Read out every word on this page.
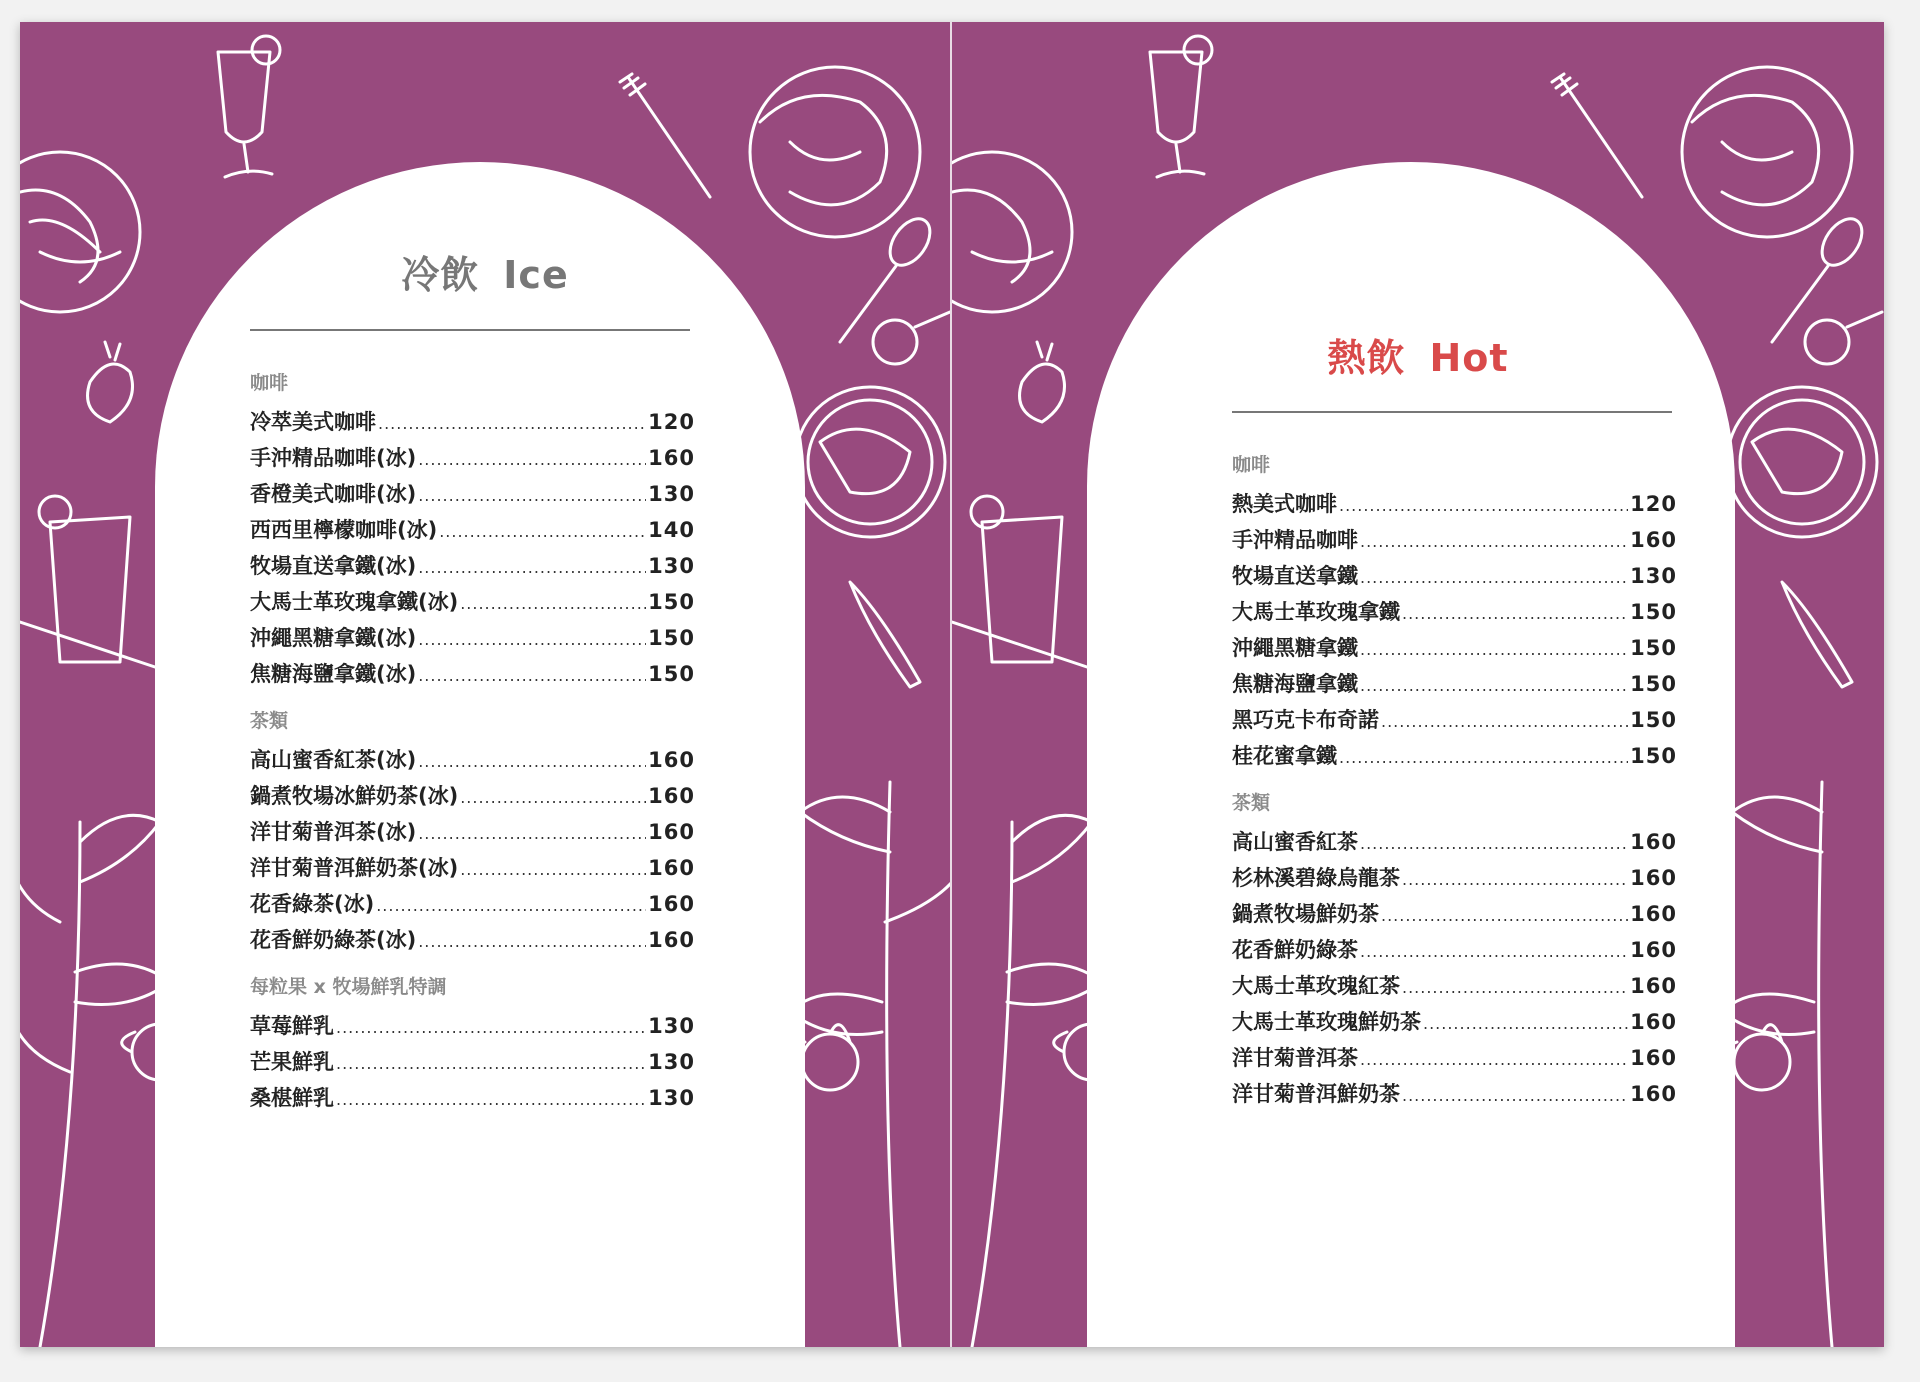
冷飲 Ice
咖啡
冷萃美式咖啡 .....	120
手沖精品咖啡(冰) .....	160
香橙美式咖啡(冰) .....	130
西西里檸檬咖啡(冰) .....	140
牧場直送拿鐵(冰) .....	130
大馬士革玫瑰拿鐵(冰) .....	150
沖繩黑糖拿鐵(冰) .....	150
焦糖海鹽拿鐵(冰) .....	150
茶類
高山蜜香紅茶(冰) .....	160
鍋煮牧場冰鮮奶茶(冰) .....	160
洋甘菊普洱茶(冰) .....	160
洋甘菊普洱鮮奶茶(冰) .....	160
花香綠茶(冰) .....	160
花香鮮奶綠茶(冰) .....	160
每粒果 x 牧場鮮乳特調
草莓鮮乳 .....	130
芒果鮮乳 .....	130
桑椹鮮乳 .....	130
熱飲 Hot
咖啡
熱美式咖啡 .....	120
手沖精品咖啡 .....	160
牧場直送拿鐵 .....	130
大馬士革玫瑰拿鐵 .....	150
沖繩黑糖拿鐵 .....	150
焦糖海鹽拿鐵 .....	150
黑巧克卡布奇諾 .....	150
桂花蜜拿鐵 .....	150
茶類
高山蜜香紅茶 .....	160
杉林溪碧綠烏龍茶 .....	160
鍋煮牧場鮮奶茶 .....	160
花香鮮奶綠茶 .....	160
大馬士革玫瑰紅茶 .....	160
大馬士革玫瑰鮮奶茶 .....	160
洋甘菊普洱茶 .....	160
洋甘菊普洱鮮奶茶 .....	160
